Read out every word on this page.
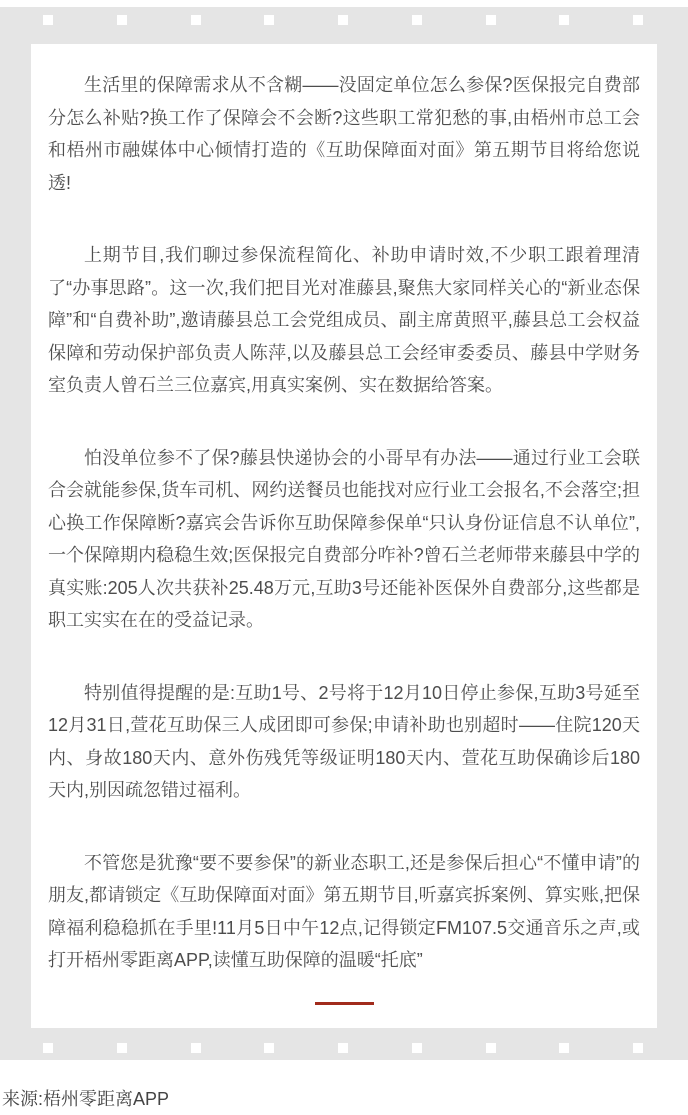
生活里的保障需求从不含糊——没固定单位怎么参保?医保报完自费部分怎么补贴?换工作了保障会不会断?这些职工常犯愁的事,由梧州市总工会和梧州市融媒体中心倾情打造的《互助保障面对面》第五期节目将给您说透!

上期节目,我们聊过参保流程简化、补助申请时效,不少职工跟着理清了“办事思路”。这一次,我们把目光对准藤县,聚焦大家同样关心的“新业态保障”和“自费补助”,邀请藤县总工会党组成员、副主席黄照平,藤县总工会权益保障和劳动保护部负责人陈萍,以及藤县总工会经审委委员、藤县中学财务室负责人曾石兰三位嘉宾,用真实案例、实在数据给答案。

怕没单位参不了保?藤县快递协会的小哥早有办法——通过行业工会联合会就能参保,货车司机、网约送餐员也能找对应行业工会报名,不会落空;担心换工作保障断?嘉宾会告诉你互助保障参保单“只认身份证信息不认单位”,一个保障期内稳稳生效;医保报完自费部分咋补?曾石兰老师带来藤县中学的真实账:205人次共获补25.48万元,互助3号还能补医保外自费部分,这些都是职工实实在在的受益记录。

特别值得提醒的是:互助1号、2号将于12月10日停止参保,互助3号延至12月31日,萱花互助保三人成团即可参保;申请补助也别超时——住院120天内、身故180天内、意外伤残凭等级证明180天内、萱花互助保确诊后180天内,别因疏忽错过福利。

不管您是犹豫“要不要参保”的新业态职工,还是参保后担心“不懂申请”的朋友,都请锁定《互助保障面对面》第五期节目,听嘉宾拆案例、算实账,把保障福利稳稳抓在手里!11月5日中午12点,记得锁定FM107.5交通音乐之声,或打开梧州零距离APP,读懂互助保障的温暖“托底”

来源:梧州零距离APP
